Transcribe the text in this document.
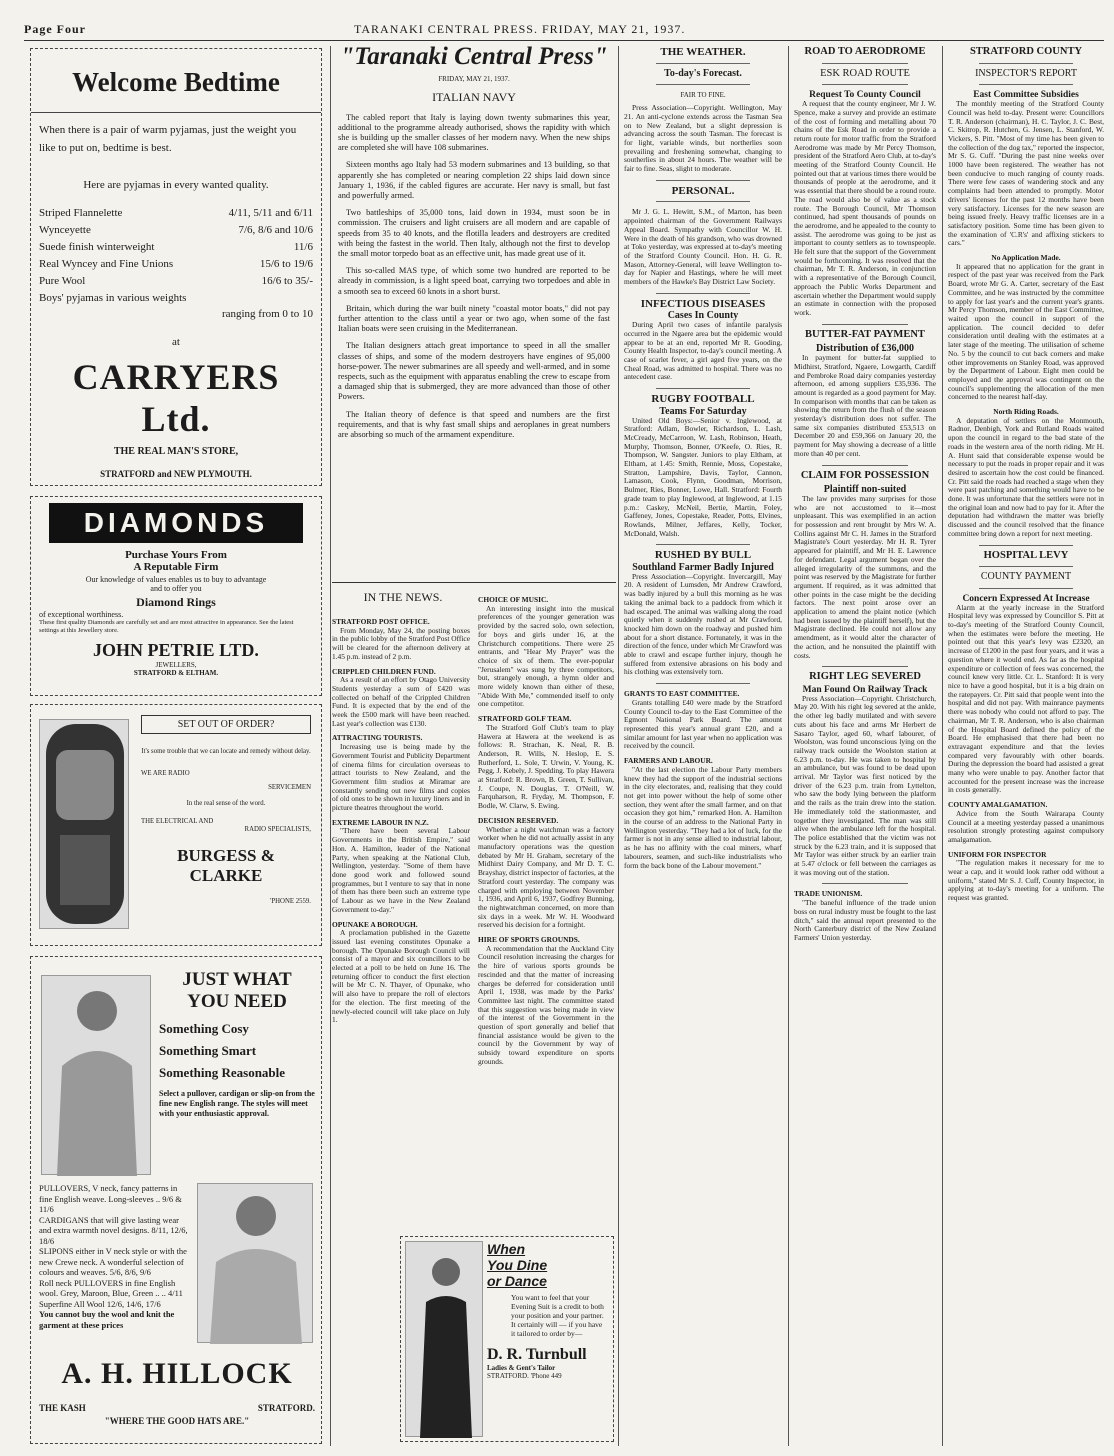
Page Four	TARANAKI CENTRAL PRESS. FRIDAY, MAY 21, 1937.
Welcome Bedtime
When there is a pair of warm pyjamas, just the weight you like to put on, bedtime is best.
Here are pyjamas in every wanted quality.
Striped Flannelette	4/11, 5/11 and 6/11
Wynceyette	7/6, 8/6 and 10/6
Suede finish winterweight	11/6
Real Wyncey and Fine Unions	15/6 to 19/6
Pure Wool	16/6 to 35/-
Boys' pyjamas in various weights
ranging from 0 to 10
at
CARRYERS Ltd.
THE REAL MAN'S STORE,
STRATFORD and NEW PLYMOUTH.
DIAMONDS
Purchase Yours From
A Reputable Firm
Our knowledge of values enables us to buy to advantage and to offer you
Diamond Rings
of exceptional worthiness.
These first quality Diamonds are carefully set and are most attractive in appearance. See the latest settings at this Jewellery store.
JOHN PETRIE LTD.
JEWELLERS,
STRATFORD & ELTHAM.
SET OUT OF ORDER?
It's some trouble that we can locate and remedy without delay.
WE ARE RADIO
SERVICEMEN
In the real sense of the word.
THE ELECTRICAL AND
RADIO SPECIALISTS,
BURGESS & CLARKE
'PHONE 2559.
JUST WHAT
YOU NEED
Something Cosy
Something Smart
Something Reasonable
Select a pullover, cardigan or slip-on from the fine new English range. The styles will meet with your enthusiastic approval.
PULLOVERS, V neck, fancy patterns in fine English weave. Long-sleeves .. 9/6 & 11/6
CARDIGANS that will give lasting wear and extra warmth novel designs. 8/11, 12/6, 18/6
SLIPONS either in V neck style or with the new Crewe neck. A wonderful selection of colours and weaves. 5/6, 8/6, 9/6
Roll neck PULLOVERS in fine English wool. Grey, Maroon, Blue, Green .. .. 4/11
Superfine All Wool 12/6, 14/6, 17/6
You cannot buy the wool and knit the garment at these prices
A. H. HILLOCK
THE KASH	STRATFORD.
"WHERE THE GOOD HATS ARE."
"Taranaki Central Press"
FRIDAY, MAY 21, 1937.
ITALIAN NAVY

The cabled report that Italy is laying down twenty submarines this year, additional to the programme already authorised, shows the rapidity with which she is building up the smaller classes of her modern navy. When the new ships are completed she will have 108 submarines.

Sixteen months ago Italy had 53 modern submarines and 13 building, so that apparently she has completed or nearing completion 22 ships laid down since January 1, 1936, if the cabled figures are accurate. Her navy is small, but fast and powerfully armed.

Two battleships of 35,000 tons, laid down in 1934, must soon be in commission. The cruisers and light cruisers are all modern and are capable of speeds from 35 to 40 knots, and the flotilla leaders and destroyers are credited with being the fastest in the world. Then Italy, although not the first to develop the small motor torpedo boat as an effective unit, has made great use of it.

This so-called MAS type, of which some two hundred are reported to be already in commission, is a light speed boat, carrying two torpedoes and able in a smooth sea to exceed 60 knots in a short burst.

Britain, which during the war built ninety "coastal motor boats," did not pay further attention to the class until a year or two ago, when some of the fast Italian boats were seen cruising in the Mediterranean.

The Italian designers attach great importance to speed in all the smaller classes of ships, and some of the modern destroyers have engines of 95,000 horse-power. The newer submarines are all speedy and well-armed, and in some respects, such as the equipment with apparatus enabling the crew to escape from a damaged ship that is submerged, they are more advanced than those of other Powers.

The Italian theory of defence is that speed and numbers are the first requirements, and that is why fast small ships and aeroplanes in great numbers are absorbing so much of the armament expenditure.

IN THE NEWS.
STRATFORD POST OFFICE.

From Monday, May 24, the posting boxes in the public lobby of the Stratford Post Office will be cleared for the afternoon delivery at 1.45 p.m. instead of 2 p.m.

CRIPPLED CHILDREN FUND.

As a result of an effort by Otago University Students yesterday a sum of £420 was collected on behalf of the Crippled Children Fund. It is expected that by the end of the week the £500 mark will have been reached. Last year's collection was £130.

ATTRACTING TOURISTS.

Increasing use is being made by the Government Tourist and Publicity Department of cinema films for circulation overseas to attract tourists to New Zealand, and the Government film studios at Miramar are constantly sending out new films and copies of old ones to be shown in luxury liners and in picture theatres throughout the world.

EXTREME LABOUR IN N.Z.

"There have been several Labour Governments in the British Empire," said Hon. A. Hamilton, leader of the National Party, when speaking at the National Club, Wellington, yesterday. "Some of them have done good work and followed sound programmes, but I venture to say that in none of them has there been such an extreme type of Labour as we have in the New Zealand Government to-day."

OPUNAKE A BOROUGH.

A proclamation published in the Gazette issued last evening constitutes Opunake a borough. The Opunake Borough Council will consist of a mayor and six councillors to be elected at a poll to be held on June 16. The returning officer to conduct the first election will be Mr C. N. Thayer, of Opunake, who will also have to prepare the roll of electors for the election. The first meeting of the newly-elected council will take place on July 1.

CHOICE OF MUSIC.

An interesting insight into the musical preferences of the younger generation was provided by the sacred solo, own selection, for boys and girls under 16, at the Christchurch competitions. There were 25 entrants, and "Hear My Prayer" was the choice of six of them. The ever-popular "Jerusalem" was sung by three competitors, but, strangely enough, a hymn older and more widely known than either of these, "Abide With Me," commended itself to only one competitor.

STRATFORD GOLF TEAM.

The Stratford Golf Club's team to play Hawera at Hawera at the weekend is as follows: R. Strachan, K. Neal, R. B. Anderson, R. Wills, N. Heslop, E. S. Rutherford, L. Sole, T. Urwin, V. Young, K. Pegg, J. Kebely, J. Spedding. To play Hawera at Stratford: R. Brown, B. Green, T. Sullivan, J. Coupe, N. Douglas, T. O'Neill, W. Farquharson, R. Fryday, M. Thompson, F. Bodle, W. Clarw, S. Ewing.

DECISION RESERVED.

Whether a night watchman was a factory worker when he did not actually assist in any manufactory operations was the question debated by Mr H. Graham, secretary of the Midhirst Dairy Company, and Mr D. T. C. Brayshay, district inspector of factories, at the Stratford court yesterday. The company was charged with employing between November 1, 1936, and April 6, 1937, Godfrey Bunning, the nightwatchman concerned, on more than six days in a week. Mr W. H. Woodward reserved his decision for a fortnight.

HIRE OF SPORTS GROUNDS.

A recommendation that the Auckland City Council resolution increasing the charges for the hire of various sports grounds be rescinded and that the matter of increasing charges be deferred for consideration until April 1, 1938, was made by the Parks' Committee last night. The committee stated that this suggestion was being made in view of the interest of the Government in the question of sport generally and belief that financial assistance would be given to the council by the Government by way of subsidy toward expenditure on sports grounds.

When
You Dine
or Dance
You want to feel that your Evening Suit is a credit to both your position and your partner. It certainly will — if you have it tailored to order by—
D. R. Turnbull
Ladies & Gent's Tailor
STRATFORD. 'Phone 449
THE WEATHER.
To-day's Forecast.
FAIR TO FINE.

Press Association—Copyright. Wellington, May 21. An anti-cyclone extends across the Tasman Sea on to New Zealand, but a slight depression is advancing across the south Tasman. The forecast is for light, variable winds, but northerlies soon prevailing and freshening somewhat, changing to southerlies in about 24 hours. The weather will be fair to fine. Seas, slight to moderate.

PERSONAL.

Mr J. G. L. Hewitt, S.M., of Marton, has been appointed chairman of the Government Railways Appeal Board. Sympathy with Councillor W. H. Were in the death of his grandson, who was drowned at Toko yesterday, was expressed at to-day's meeting of the Stratford County Council. Hon. H. G. R. Mason, Attorney-General, will leave Wellington to-day for Napier and Hastings, where he will meet members of the Hawke's Bay District Law Society.

INFECTIOUS DISEASES
Cases In County

During April two cases of infantile paralysis occurred in the Ngaere area but the epidemic would appear to be at an end, reported Mr R. Gooding, County Health Inspector, to-day's council meeting. A case of scarlet fever, a girl aged five years, on the Cheal Road, was admitted to hospital. There was no antecedent case.

RUGBY FOOTBALL
Teams For Saturday

United Old Boys:—Senior v. Inglewood, at Stratford: Adlam, Bowler, Richardson, L. Lash, McCready, McCarroon, W. Lash, Robinson, Heath, Murphy, Thomson, Bonner, O'Keefe, O. Ries, R. Thompson, W. Sangster. Juniors to play Eltham, at Eltham, at 1.45: Smith, Rennie, Moss, Copestake, Stratton, Lampshire, Davis, Taylor, Cannon, Lamason, Cook, Flynn, Goodman, Morrison, Bulmer, Ries, Bonner, Lowe, Hall. Stratford: Fourth grade team to play Inglewood, at Inglewood, at 1.15 p.m.: Caskey, McNeil, Bertie, Martin, Foley, Gaffeney, Jones, Copestake, Reader, Potts, Elvines, Rowlands, Milner, Jeffares, Kelly, Tocker, McDonald, Walsh.

RUSHED BY BULL
Southland Farmer Badly Injured

Press Association—Copyright. Invercargill, May 20. A resident of Lumsden, Mr Andrew Crawford, was badly injured by a bull this morning as he was taking the animal back to a paddock from which it had escaped. The animal was walking along the road quietly when it suddenly rushed at Mr Crawford, knocked him down on the roadway and pushed him about for a short distance. Fortunately, it was in the direction of the fence, under which Mr Crawford was able to crawl and escape further injury, though he suffered from extensive abrasions on his body and his clothing was extensively torn.

GRANTS TO EAST COMMITTEE.

Grants totalling £40 were made by the Stratford County Council to-day to the East Committee of the Egmont National Park Board. The amount represented this year's annual grant £20, and a similar amount for last year when no application was received by the council.

FARMERS AND LABOUR.

"At the last election the Labour Party members knew they had the support of the industrial sections in the city electorates, and, realising that they could not get into power without the help of some other section, they went after the small farmer, and on that occasion they got him," remarked Hon. A. Hamilton in the course of an address to the National Party in Wellington yesterday. "They had a lot of luck, for the farmer is not in any sense allied to industrial labour, as he has no affinity with the coal miners, wharf labourers, seamen, and such-like industrialists who form the back bone of the Labour movement."

ROAD TO AERODROME
ESK ROAD ROUTE
Request To County Council

A request that the county engineer, Mr J. W. Spence, make a survey and provide an estimate of the cost of forming and metalling about 70 chains of the Esk Road in order to provide a return route for motor traffic from the Stratford Aerodrome was made by Mr Percy Thomson, president of the Stratford Aero Club, at to-day's meeting of the Stratford County Council. He pointed out that at various times there would be thousands of people at the aerodrome, and it was essential that there should be a round route. The road would also be of value as a stock route. The Borough Council, Mr Thomson continued, had spent thousands of pounds on the aerodrome, and he appealed to the county to assist. The aerodrome was going to be just as important to county settlers as to townspeople. He felt sure that the support of the Government would be forthcoming. It was resolved that the chairman, Mr T. R. Anderson, in conjunction with a representative of the Borough Council, approach the Public Works Department and ascertain whether the Department would supply an estimate in connection with the proposed work.

BUTTER-FAT PAYMENT
Distribution of £36,000

In payment for butter-fat supplied to Midhirst, Stratford, Ngaere, Lowgarth, Cardiff and Pembroke Road dairy companies yesterday afternoon, ed among suppliers £35,936. The amount is regarded as a good payment for May. In comparison with months that can be taken as showing the return from the flush of the season yesterday's distribution does not suffer. The same six companies distributed £53,513 on December 20 and £59,366 on January 20, the payment for May showing a decrease of a little more than 40 per cent.

CLAIM FOR POSSESSION
Plaintiff non-suited

The law provides many surprises for those who are not accustomed to it—most unpleasant. This was exemplified in an action for possession and rent brought by Mrs W. A. Collins against Mr C. H. James in the Stratford Magistrate's Court yesterday. Mr H. R. Tyrer appeared for plaintiff, and Mr H. E. Lawrence for defendant. Legal argument began over the alleged irregularity of the summons, and the point was reserved by the Magistrate for further argument. If required, as it was admitted that other points in the case might be the deciding factors. The next point arose over an application to amend the plaint notice (which had been issued by the plaintiff herself), but the Magistrate declined. He could not allow any amendment, as it would alter the character of the action, and he nonsuited the plaintiff with costs.

RIGHT LEG SEVERED
Man Found On Railway Track

Press Association—Copyright. Christchurch, May 20. With his right leg severed at the ankle, the other leg badly mutilated and with severe cuts about his face and arms Mr Herbert de Sasaro Taylor, aged 60, wharf labourer, of Woolston, was found unconscious lying on the railway track outside the Woolston station at 6.23 p.m. to-day. He was taken to hospital by an ambulance, but was found to be dead upon arrival. Mr Taylor was first noticed by the driver of the 6.23 p.m. train from Lyttelton, who saw the body lying between the platform and the rails as the train drew into the station. He immediately told the stationmaster, and together they investigated. The man was still alive when the ambulance left for the hospital. The police established that the victim was not struck by the 6.23 train, and it is supposed that Mr Taylor was either struck by an earlier train at 5.47 o'clock or fell between the carriages as it was moving out of the station.

TRADE UNIONISM.

"The baneful influence of the trade union boss on rural industry must be fought to the last ditch," said the annual report presented to the North Canterbury district of the New Zealand Farmers' Union yesterday.

STRATFORD COUNTY
INSPECTOR'S REPORT
East Committee Subsidies

The monthly meeting of the Stratford County Council was held to-day. Present were: Councillors T. R. Anderson (chairman), H. C. Taylor, J. C. Best, C. Skitrop, R. Hutchen, G. Jensen, L. Stanford, W. Vickers, S. Pitt. "Most of my time has been given to the collection of the dog tax," reported the inspector, Mr S. G. Cuff. "During the past nine weeks over 1000 have been registered. The weather has not been conducive to much ranging of county roads. There were few cases of wandering stock and any complaints had been attended to promptly. Motor drivers' licenses for the past 12 months have been very satisfactory. Licenses for the new season are being issued freely. Heavy traffic licenses are in a satisfactory position. Some time has been given to the examination of 'C.R's' and affixing stickers to cars."

No Application Made.

It appeared that no application for the grant in respect of the past year was received from the Park Board, wrote Mr G. A. Carter, secretary of the East Committee, and he was instructed by the committee to apply for last year's and the current year's grants. Mr Percy Thomson, member of the East Committee, waited upon the council in support of the application. The council decided to defer consideration until dealing with the estimates at a later stage of the meeting. The utilisation of scheme No. 5 by the council to cut back corners and make other improvements on Stanley Road, was approved by the Department of Labour. Eight men could be employed and the approval was contingent on the council's supplementing the allocation of the men concerned to the nearest half-day.

North Riding Roads.

A deputation of settlers on the Monmouth, Radnor, Denbigh, York and Rutland Roads waited upon the council in regard to the bad state of the roads in the western area of the north riding. Mr H. A. Hunt said that considerable expense would be necessary to put the roads in proper repair and it was desired to ascertain how the cost could be financed. Cr. Pitt said the roads had reached a stage when they were past patching and something would have to be done. It was unfortunate that the settlers were not in the original loan and now had to pay for it. After the deputation had withdrawn the matter was briefly discussed and the council resolved that the finance committee bring down a report for next meeting.

HOSPITAL LEVY
COUNTY PAYMENT
Concern Expressed At Increase

Alarm at the yearly increase in the Stratford Hospital levy was expressed by Councillor S. Pitt at to-day's meeting of the Stratford County Council, when the estimates were before the meeting. He pointed out that this year's levy was £2320, an increase of £1200 in the past four years, and it was a question where it would end. As far as the hospital expenditure or collection of fees was concerned, the council knew very little. Cr. L. Stanford: It is very nice to have a good hospital, but it is a big drain on the ratepayers. Cr. Pitt said that people went into the hospital and did not pay. With mainrance payments there was nobody who could not afford to pay. The chairman, Mr T. R. Anderson, who is also chairman of the Hospital Board defined the policy of the Board. He emphasised that there had been no extravagant expenditure and that the levies compared very favourably with other boards. During the depression the board had assisted a great many who were unable to pay. Another factor that accounted for the present increase was the increase in costs generally.

COUNTY AMALGAMATION.

Advice from the South Wairarapa County Council at a meeting yesterday passed a unanimous resolution strongly protesting against compulsory amalgamation.

UNIFORM FOR INSPECTOR

"The regulation makes it necessary for me to wear a cap, and it would look rather odd without a uniform," stated Mr S. J. Cuff, County Inspector, in applying at to-day's meeting for a uniform. The request was granted.
